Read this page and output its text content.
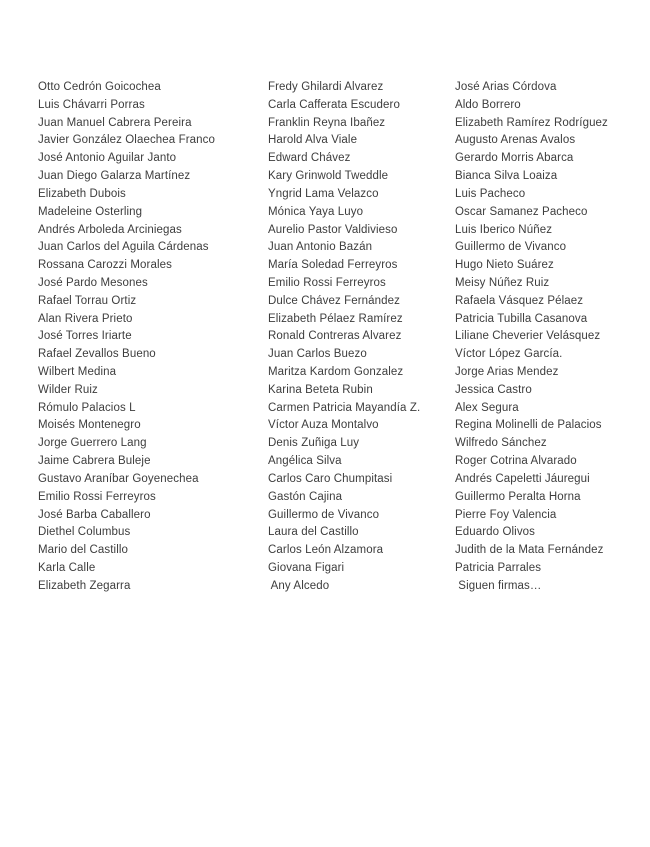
Otto Cedrón Goicochea
Luis Chávarri Porras
Juan Manuel Cabrera Pereira
Javier González Olaechea Franco
José Antonio Aguilar Janto
Juan Diego Galarza Martínez
Elizabeth Dubois
Madeleine Osterling
Andrés Arboleda Arciniegas
Juan Carlos del Aguila Cárdenas
Rossana Carozzi Morales
José Pardo Mesones
Rafael Torrau Ortiz
Alan Rivera Prieto
José Torres Iriarte
Rafael Zevallos Bueno
Wilbert Medina
Wilder Ruiz
Rómulo Palacios L
Moisés Montenegro
Jorge Guerrero Lang
Jaime Cabrera Buleje
Gustavo Araníbar Goyenechea
Emilio Rossi Ferreyros
José Barba Caballero
Diethel Columbus
Mario del Castillo
Karla Calle
Elizabeth Zegarra
Fredy Ghilardi Alvarez
Carla Cafferata Escudero
Franklin Reyna Ibañez
Harold Alva Viale
Edward Chávez
Kary Grinwold Tweddle
Yngrid Lama Velazco
Mónica Yaya Luyo
Aurelio Pastor Valdivieso
Juan Antonio Bazán
María Soledad Ferreyros
Emilio Rossi Ferreyros
Dulce Chávez Fernández
Elizabeth Pélaez Ramírez
Ronald Contreras Alvarez
Juan Carlos Buezo
Maritza Kardom Gonzalez
Karina Beteta Rubin
Carmen Patricia Mayandía Z.
Víctor Auza Montalvo
Denis Zuñiga Luy
Angélica Silva
Carlos Caro Chumpitasi
Gastón Cajina
Guillermo de Vivanco
Laura del Castillo
Carlos León Alzamora
Giovana Figari
Any Alcedo
José Arias Córdova
Aldo Borrero
Elizabeth Ramírez Rodríguez
Augusto Arenas Avalos
Gerardo Morris Abarca
Bianca Silva Loaiza
Luis Pacheco
Oscar Samanez Pacheco
Luis Iberico Núñez
Guillermo de Vivanco
Hugo Nieto Suárez
Meisy Núñez Ruiz
Rafaela Vásquez Pélaez
Patricia Tubilla Casanova
Liliane Cheverier Velásquez
Víctor López García.
Jorge Arias Mendez
Jessica Castro
Alex Segura
Regina Molinelli de Palacios
Wilfredo Sánchez
Roger Cotrina Alvarado
Andrés Capeletti Jáuregui
Guillermo Peralta Horna
Pierre Foy Valencia
Eduardo Olivos
Judith de la Mata Fernández
Patricia Parrales
Siguen firmas…
